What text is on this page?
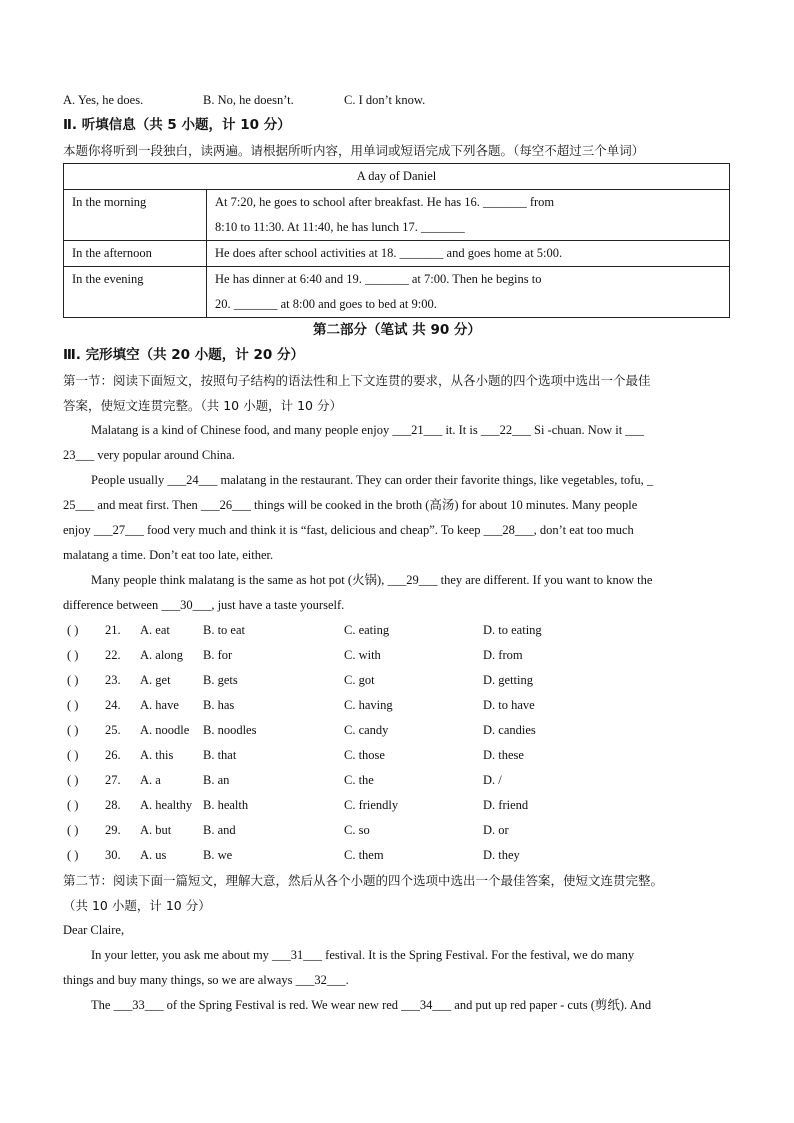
A. Yes, he does.	B. No, he doesn’t.	C. I don’t know.
Ⅱ. 听填信息（共 5 小题，计 10 分）
本题你将听到一段独白，读两遍。请根据所听内容，用单词或短语完成下列各题。（每空不超过三个单词）
A day of Daniel	
In the morning	At 7:20, he goes to school after breakfast. He has 16. _______ from
8:10 to 11:30. At 11:40, he has lunch 17. _______

In the afternoon	He does after school activities at 18. _______ and goes home at 5:00.

In the evening	He has dinner at 6:40 and 19. _______ at 7:00. Then he begins to
20. _______ at 8:00 and goes to bed at 9:00.
第二部分（笔试 共 90 分）
Ⅲ. 完形填空（共 20 小题，计 20 分）
第一节：阅读下面短文，按照句子结构的语法性和上下文连贯的要求，从各小题的四个选项中选出一个最佳
答案，使短文连贯完整。（共 10 小题，计 10 分）
Malatang is a kind of Chinese food, and many people enjoy ___21___ it. It is ___22___ Si -chuan. Now it ___
23___ very popular around China.
People usually ___24___ malatang in the restaurant. They can order their favorite things, like vegetables, tofu, _
25___ and meat first. Then ___26___ things will be cooked in the broth (高汤) for about 10 minutes. Many people
enjoy ___27___ food very much and think it is “fast, delicious and cheap”. To keep ___28___, don’t eat too much
malatang a time. Don’t eat too late, either.
Many people think malatang is the same as hot pot (火锅), ___29___ they are different. If you want to know the
difference between ___30___, just have a taste yourself.
( ) 21. A. eat	B. to eat	C. eating	D. to eating
( ) 22. A. along B. for	C. with	D. from
( ) 23. A. get	B. gets	C. got	D. getting
( ) 24. A. have B. has	C. having	D. to have
( ) 25. A. noodle B. noodles	C. candy	D. candies
( ) 26. A. this B. that	C. those	D. these
( ) 27. A. a	B. an	C. the	D. /
( ) 28. A. healthy B. health	C. friendly	D. friend
( ) 29. A. but	B. and	C. so	D. or
( ) 30. A. us	B. we	C. them	D. they
第二节：阅读下面一篇短文，理解大意，然后从各个小题的四个选项中选出一个最佳答案，使短文连贯完整。
（共 10 小题，计 10 分）
Dear Claire,
In your letter, you ask me about my ___31___ festival. It is the Spring Festival. For the festival, we do many
things and buy many things, so we are always ___32___.
The ___33___ of the Spring Festival is red. We wear new red ___34___ and put up red paper - cuts (剪纸). And
